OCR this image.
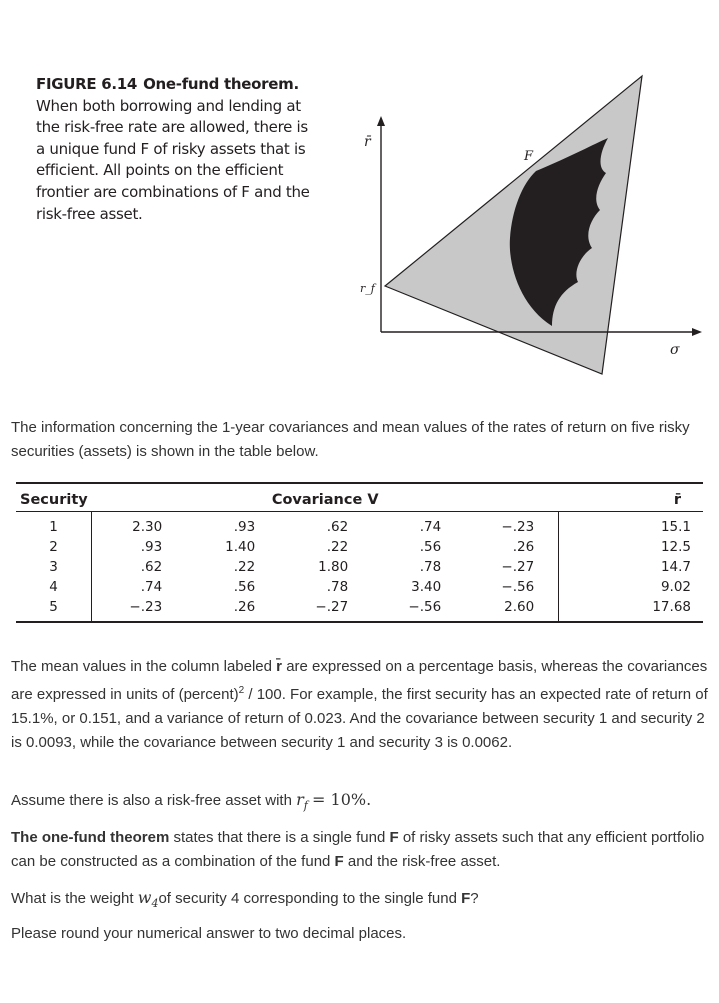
FIGURE 6.14 One-fund theorem. When both borrowing and lending at the risk-free rate are allowed, there is a unique fund F of risky assets that is efficient. All points on the efficient frontier are combinations of F and the risk-free asset.
r̄
r_f
σ
F
The information concerning the 1-year covariances and mean values of the rates of return on five risky securities (assets) is shown in the table below.
Security	Covariance V					r̄
1	2.30	.93	.62	.74	−.23	15.1
2	.93	1.40	.22	.56	.26	12.5
3	.62	.22	1.80	.78	−.27	14.7
4	.74	.56	.78	3.40	−.56	9.02
5	−.23	.26	−.27	−.56	2.60	17.68
The mean values in the column labeled r̄ are expressed on a percentage basis, whereas the covariances are expressed in units of (percent)$^2$ / 100. For example, the first security has an expected rate of return of 15.1%, or 0.151, and a variance of return of 0.023. And the covariance between security 1 and security 2 is 0.0093, while the covariance between security 1 and security 3 is 0.0062.
Assume there is also a risk-free asset with $r_f = 10\%$.
The one-fund theorem states that there is a single fund F of risky assets such that any efficient portfolio can be constructed as a combination of the fund F and the risk-free asset.
What is the weight $w_4of$ security 4 corresponding to the single fund F?
Please round your numerical answer to two decimal places.
